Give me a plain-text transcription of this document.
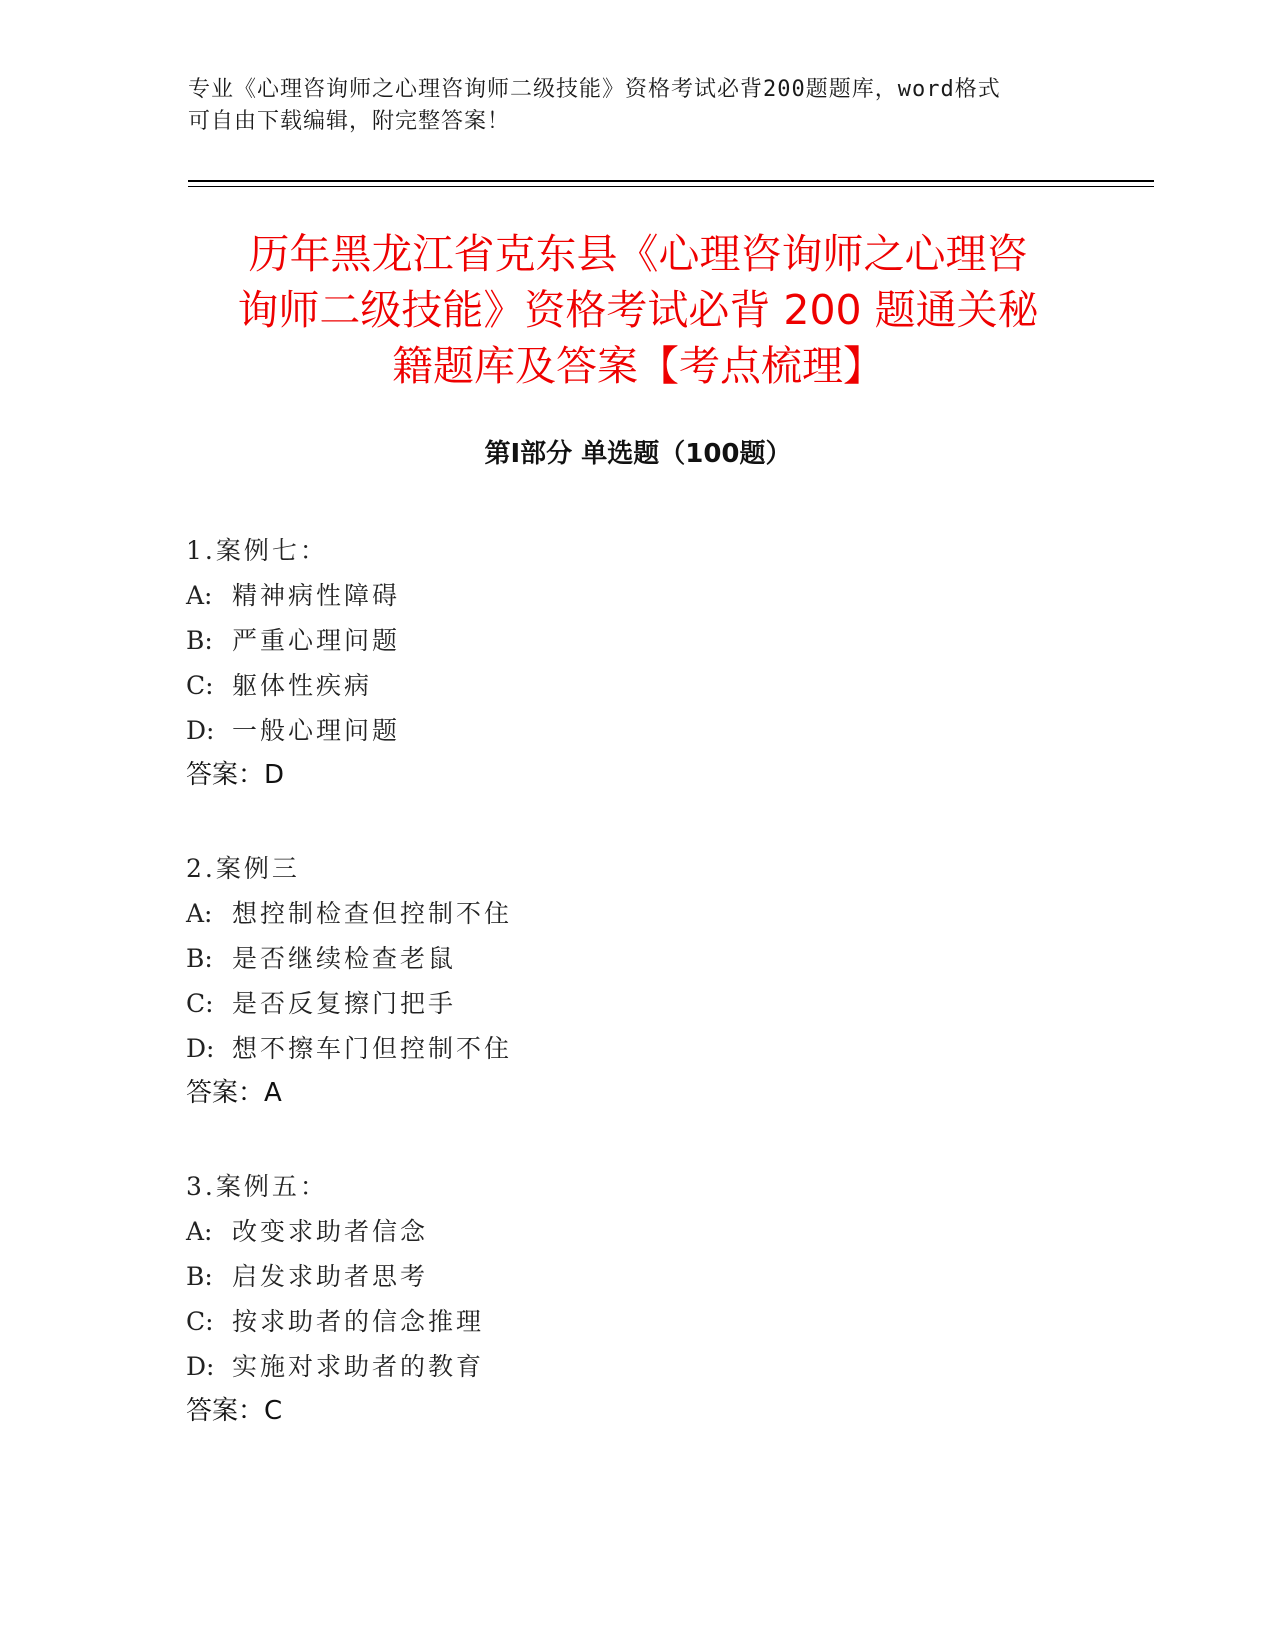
专业《心理咨询师之心理咨询师二级技能》资格考试必背200题题库，word格式
可自由下载编辑，附完整答案！
历年黑龙江省克东县《心理咨询师之心理咨
询师二级技能》资格考试必背 200 题通关秘
籍题库及答案【考点梳理】
第Ⅰ部分 单选题（100题）
1.案例七：
A: 精神病性障碍
B: 严重心理问题
C: 躯体性疾病
D: 一般心理问题
答案：D
2.案例三
A: 想控制检查但控制不住
B: 是否继续检查老鼠
C: 是否反复擦门把手
D: 想不擦车门但控制不住
答案：A
3.案例五：
A: 改变求助者信念
B: 启发求助者思考
C: 按求助者的信念推理
D: 实施对求助者的教育
答案：C
